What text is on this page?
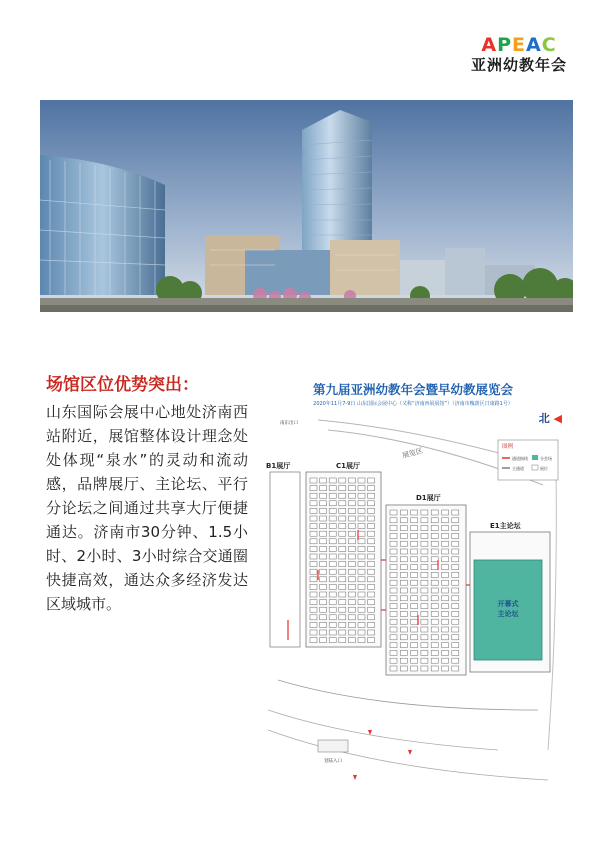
APEAC
亚洲幼教年会
场馆区位优势突出：
山东国际会展中心地处济南西站附近，展馆整体设计理念处处体现“泉水”的灵动和流动感，品牌展厅、主论坛、平行分论坛之间通过共享大厅便捷通达。济南市30分钟、1.5小时、2小时、3小时综合交通圈快捷高效，通达众多经济发达区域城市。
第九届亚洲幼教年会暨早幼教展览会
2020年11月7-9日 山东国际会展中心（又称“济南西展展馆”）（济南市槐荫区日康路1号）
北 ◀
展览区	图例
通道指线	分会场
主通道	展位
南东出口
B1展厅	C1展厅
D1展厅
E1主论坛
开幕式
主论坛
登陆入口
